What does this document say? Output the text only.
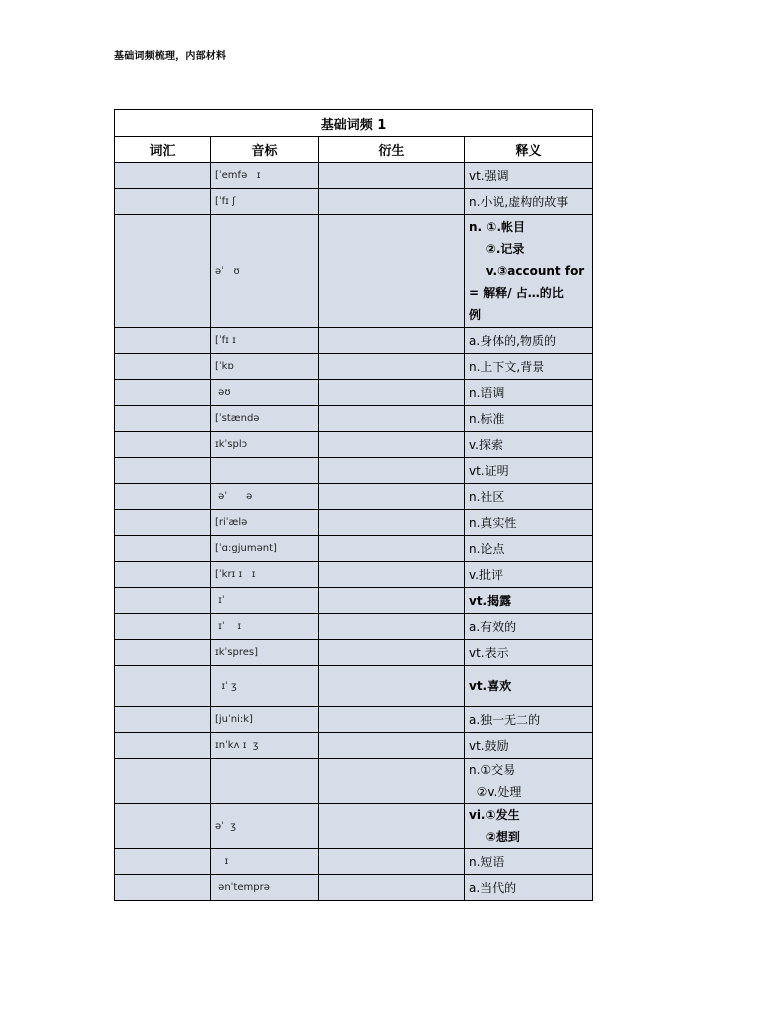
基础词频梳理，内部材料
基础词频 1			
词汇	音标	衍生	释义
	[ˈemfə   ɪ		vt.强调

	[ˈfɪ ʃ		n.小说,虚构的故事

	əˈ   ʊ		n. ①.帐目
②.记录
v.③account for
= 解释/ 占…的比
例

	[ˈfɪ ɪ		a.身体的,物质的

	[ˈkɒ		n.上下文,背景

	əʊ		n.语调

	[ˈstændə		n.标准

	ɪkˈsplɔ		v.探索

			vt.证明

	əˈ      ə		n.社区

	[riˈælə		n.真实性

	[ˈɑ:gjumənt]		n.论点

	[ˈkrɪ ɪ   ɪ		v.批评

	ɪˈ		vt.揭露

	ɪˈ    ɪ		a.有效的

	ɪkˈspres]		vt.表示

	ɪˈ ʒ		vt.喜欢

	[juˈni:k]		a.独一无二的

	ɪnˈkʌ ɪ  ʒ		vt.鼓励

			n.①交易
②v.处理

	əˈ  ʒ		vi.①发生
②想到

	ɪ		n.短语

	ənˈtemprə		a.当代的
